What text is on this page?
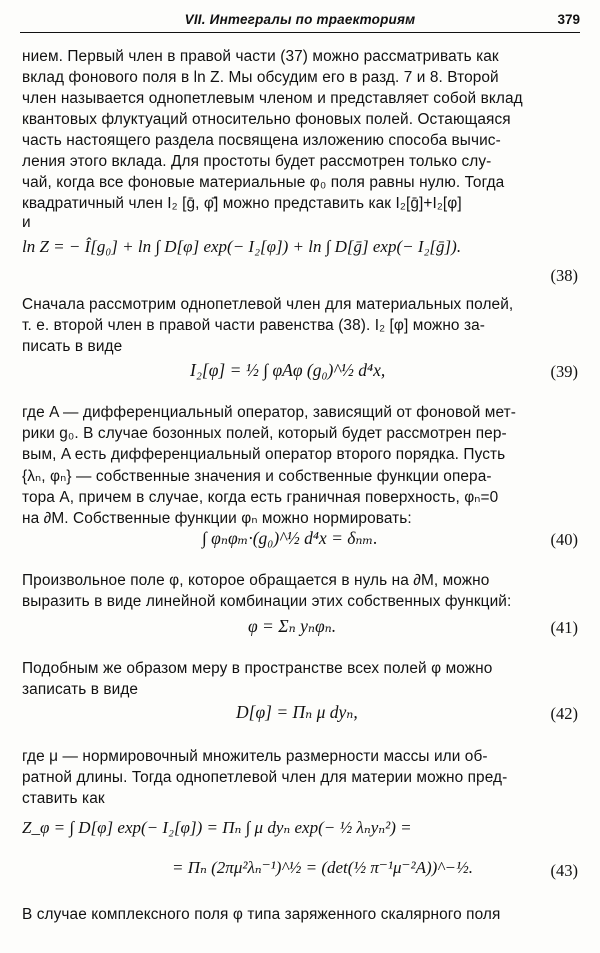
VII. Интегралы по траекториям	379
нием. Первый член в правой части (37) можно рассматривать как
вклад фонового поля в ln Z. Мы обсудим его в разд. 7 и 8. Второй
член называется однопетлевым членом и представляет собой вклад
квантовых флуктуаций относительно фоновых полей. Остающаяся
часть настоящего раздела посвящена изложению способа вычис-
ления этого вклада. Для простоты будет рассмотрен только слу-
чай, когда все фоновые материальные φ₀ поля равны нулю. Тогда
квадратичный член I₂ [ḡ, φ̄] можно представить как I₂[ḡ]+I₂[φ]
и
ln Z = − Î[g₀] + ln ∫ D[φ] exp(− I₂[φ]) + ln ∫ D[ḡ] exp(− I₂[ḡ]).
(38)
Сначала рассмотрим однопетлевой член для материальных полей,
т. е. второй член в правой части равенства (38). I₂ [φ] можно за-
писать в виде
I₂[φ] = ½ ∫ φAφ (g₀)^½ d⁴x,	(39)
где A — дифференциальный оператор, зависящий от фоновой мет-
рики g₀. В случае бозонных полей, который будет рассмотрен пер-
вым, A есть дифференциальный оператор второго порядка. Пусть
{λₙ, φₙ} — собственные значения и собственные функции опера-
тора A, причем в случае, когда есть граничная поверхность, φₙ=0
на ∂M. Собственные функции φₙ можно нормировать:
∫ φₙφₘ·(g₀)^½ d⁴x = δₙₘ.	(40)
Произвольное поле φ, которое обращается в нуль на ∂M, можно
выразить в виде линейной комбинации этих собственных функций:
φ = Σₙ yₙφₙ.	(41)
Подобным же образом меру в пространстве всех полей φ можно
записать в виде
D[φ] = Πₙ μ dyₙ,	(42)
где μ — нормировочный множитель размерности массы или об-
ратной длины. Тогда однопетлевой член для материи можно пред-
ставить как
Z_φ = ∫ D[φ] exp(− I₂[φ]) = Πₙ ∫ μ dyₙ exp(− ½ λₙyₙ²) =
= Πₙ (2πμ²λₙ⁻¹)^½ = (det(½ π⁻¹μ⁻²A))^−½.	(43)
В случае комплексного поля φ типа заряженного скалярного поля
